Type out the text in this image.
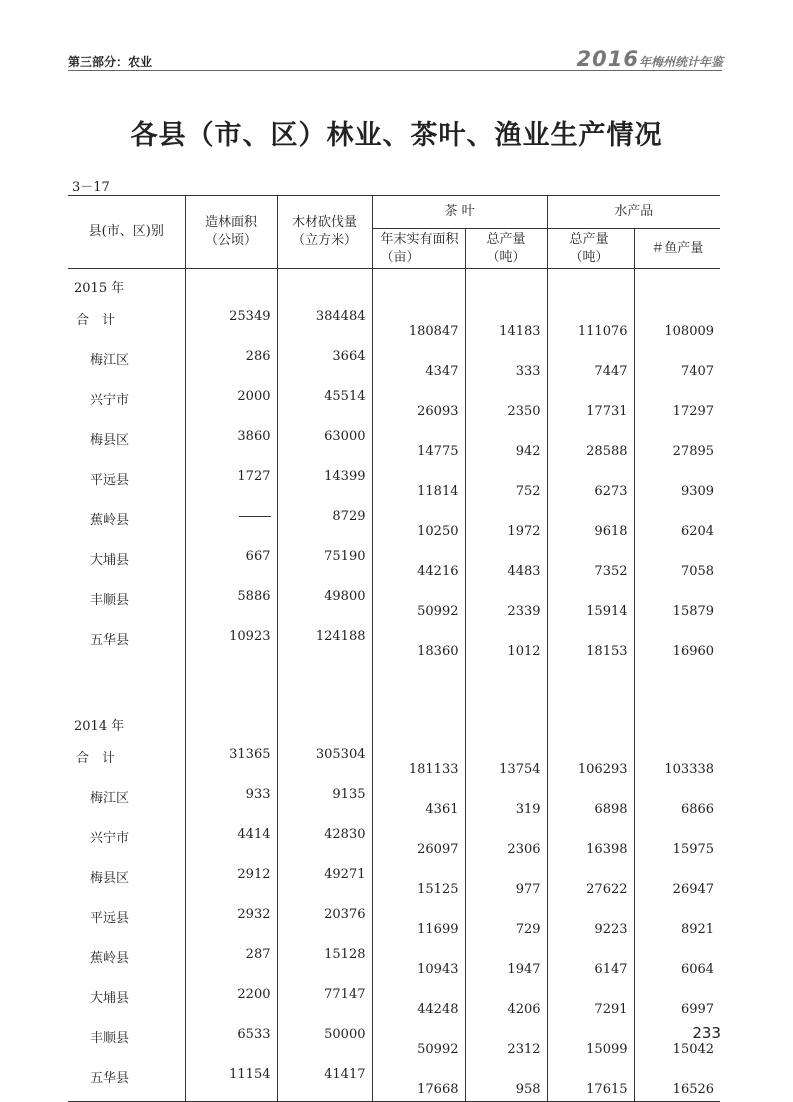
第三部分：农业	2016年梅州统计年鉴
各县（市、区）林业、茶叶、渔业生产情况
3－17
县(市、区)别	造林面积（公顷）	木材砍伐量（立方米）	茶 叶		水产品	
			年末实有面积（亩）	总产量（吨）	总产量（吨）	＃鱼产量
2015 年						
合　计	25349	384484	180847	14183	111076	108009
梅江区	286	3664	4347	333	7447	7407
兴宁市	2000	45514	26093	2350	17731	17297
梅县区	3860	63000	14775	942	28588	27895
平远县	1727	14399	11814	752	6273	9309
蕉岭县		8729	10250	1972	9618	6204
大埔县	667	75190	44216	4483	7352	7058
丰顺县	5886	49800	50992	2339	15914	15879
五华县	10923	124188	18360	1012	18153	16960

2014 年						
合　计	31365	305304	181133	13754	106293	103338
梅江区	933	9135	4361	319	6898	6866
兴宁市	4414	42830	26097	2306	16398	15975
梅县区	2912	49271	15125	977	27622	26947
平远县	2932	20376	11699	729	9223	8921
蕉岭县	287	15128	10943	1947	6147	6064
大埔县	2200	77147	44248	4206	7291	6997
丰顺县	6533	50000	50992	2312	15099	15042
五华县	11154	41417	17668	958	17615	16526
233
